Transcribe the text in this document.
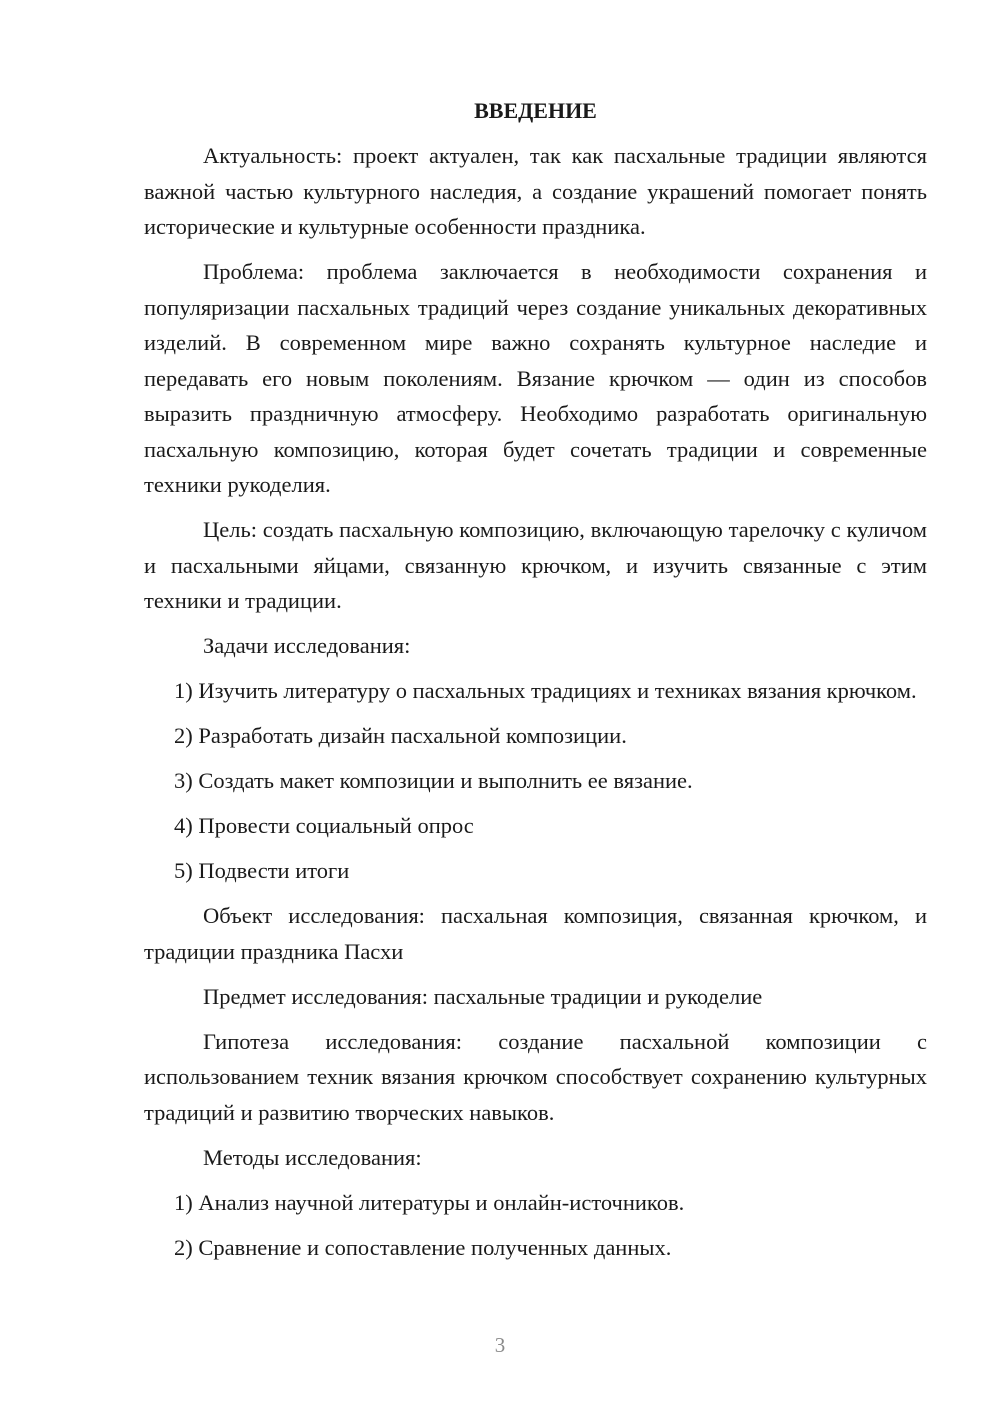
ВВЕДЕНИЕ

Актуальность: проект актуален, так как пасхальные традиции являются важной частью культурного наследия, а создание украшений помогает понять исторические и культурные особенности праздника.

Проблема: проблема заключается в необходимости сохранения и популяризации пасхальных традиций через создание уникальных декоративных изделий. В современном мире важно сохранять культурное наследие и передавать его новым поколениям. Вязание крючком — один из способов выразить праздничную атмосферу. Необходимо разработать оригинальную пасхальную композицию, которая будет сочетать традиции и современные техники рукоделия.

Цель: создать пасхальную композицию, включающую тарелочку с куличом и пасхальными яйцами, связанную крючком, и изучить связанные с этим техники и традиции.

Задачи исследования:

1) Изучить литературу о пасхальных традициях и техниках вязания крючком.

2) Разработать дизайн пасхальной композиции.

3) Создать макет композиции и выполнить ее вязание.

4) Провести социальный опрос

5) Подвести итоги

Объект исследования: пасхальная композиция, связанная крючком, и традиции праздника Пасхи

Предмет исследования: пасхальные традиции и рукоделие

Гипотеза исследования: создание пасхальной композиции с использованием техник вязания крючком способствует сохранению культурных традиций и развитию творческих навыков.

Методы исследования:

1) Анализ научной литературы и онлайн-источников.

2) Сравнение и сопоставление полученных данных.

3
